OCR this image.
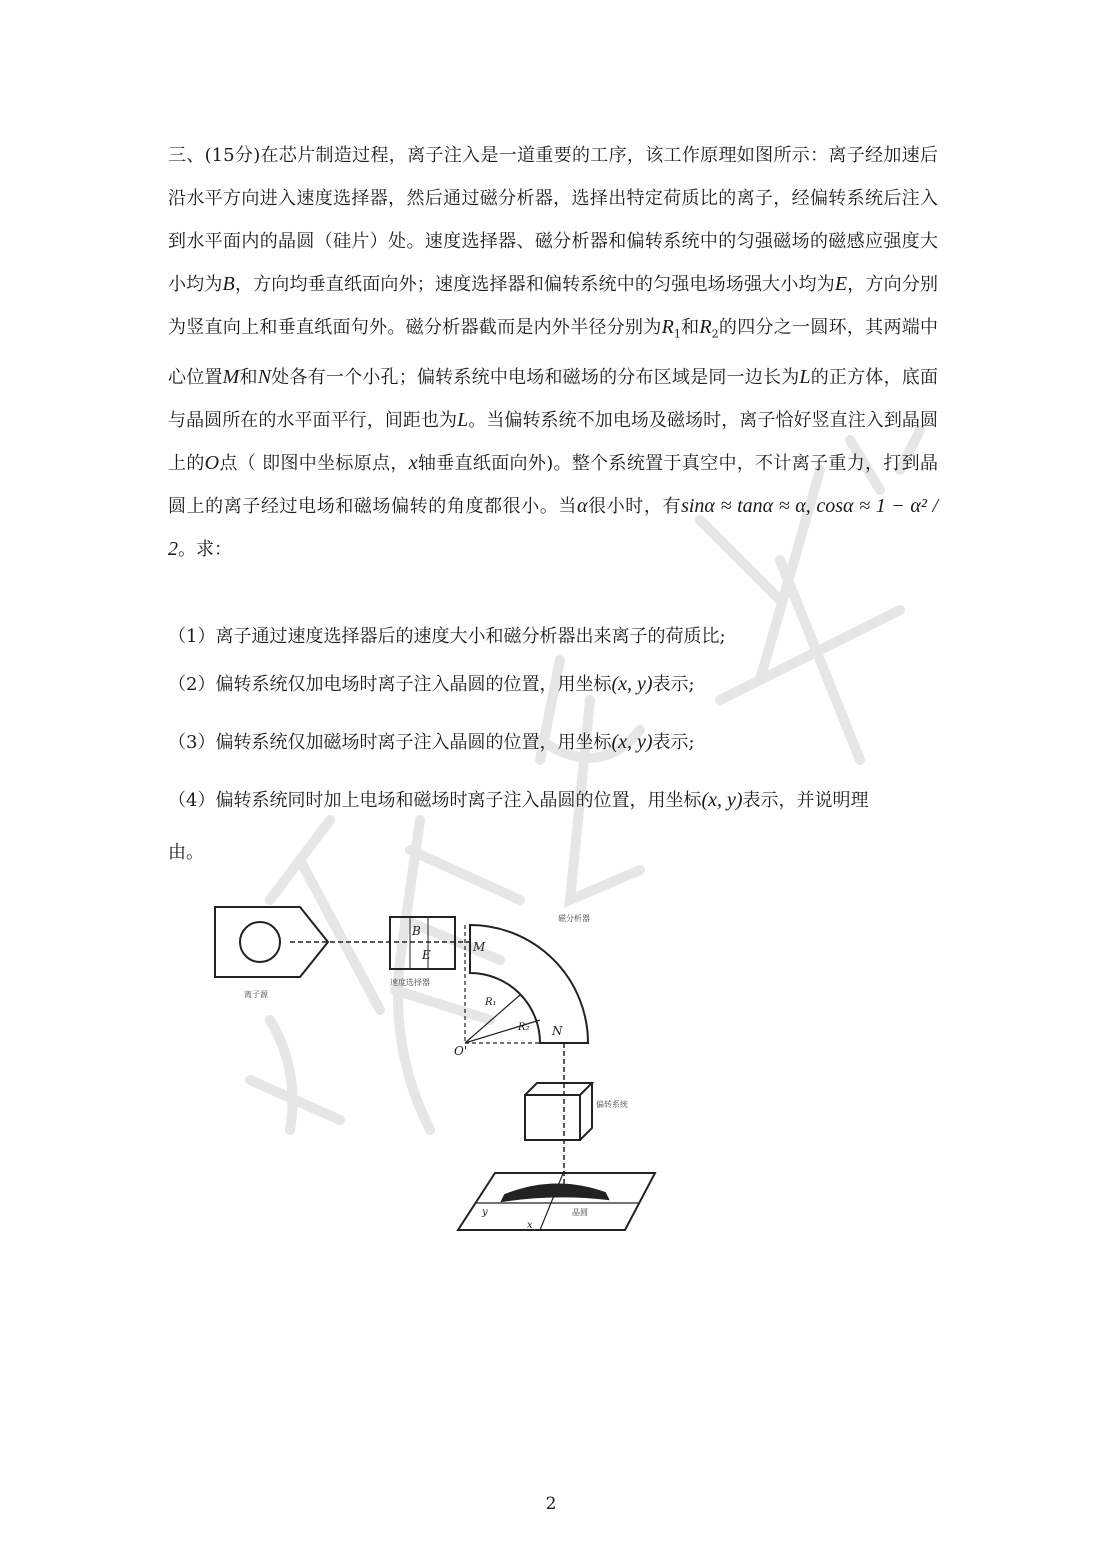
三、(15分)在芯片制造过程，离子注入是一道重要的工序，该工作原理如图所示：离子经加速后沿水平方向进入速度选择器，然后通过磁分析器，选择出特定荷质比的离子，经偏转系统后注入到水平面内的晶圆（硅片）处。速度选择器、磁分析器和偏转系统中的匀强磁场的磁感应强度大小均为B，方向均垂直纸面向外；速度选择器和偏转系统中的匀强电场场强大小均为E，方向分别为竖直向上和垂直纸面句外。磁分析器截而是内外半径分别为$R_1$和$R_2$的四分之一圆环，其两端中心位置M和N处各有一个小孔；偏转系统中电场和磁场的分布区域是同一边长为L的正方体，底面与晶圆所在的水平面平行，间距也为L。当偏转系统不加电场及磁场时，离子恰好竖直注入到晶圆上的O点（ 即图中坐标原点，x轴垂直纸面向外)。整个系统置于真空中，不计离子重力，打到晶圆上的离子经过电场和磁场偏转的角度都很小。当α很小时，有sinα ≈ tanα ≈ α, cosα ≈ 1 − α² / 2。求：
（1）离子通过速度选择器后的速度大小和磁分析器出来离子的荷质比;
（2）偏转系统仅加电场时离子注入晶圆的位置，用坐标(x, y)表示;
（3）偏转系统仅加磁场时离子注入晶圆的位置，用坐标(x, y)表示;
（4）偏转系统同时加上电场和磁场时离子注入晶圆的位置，用坐标(x, y)表示，并说明理
由。
离子源
B
E
速度选择器
M
N
R₁
R₂
O'
磁分析器
偏转系统
y
x
晶圆
2
